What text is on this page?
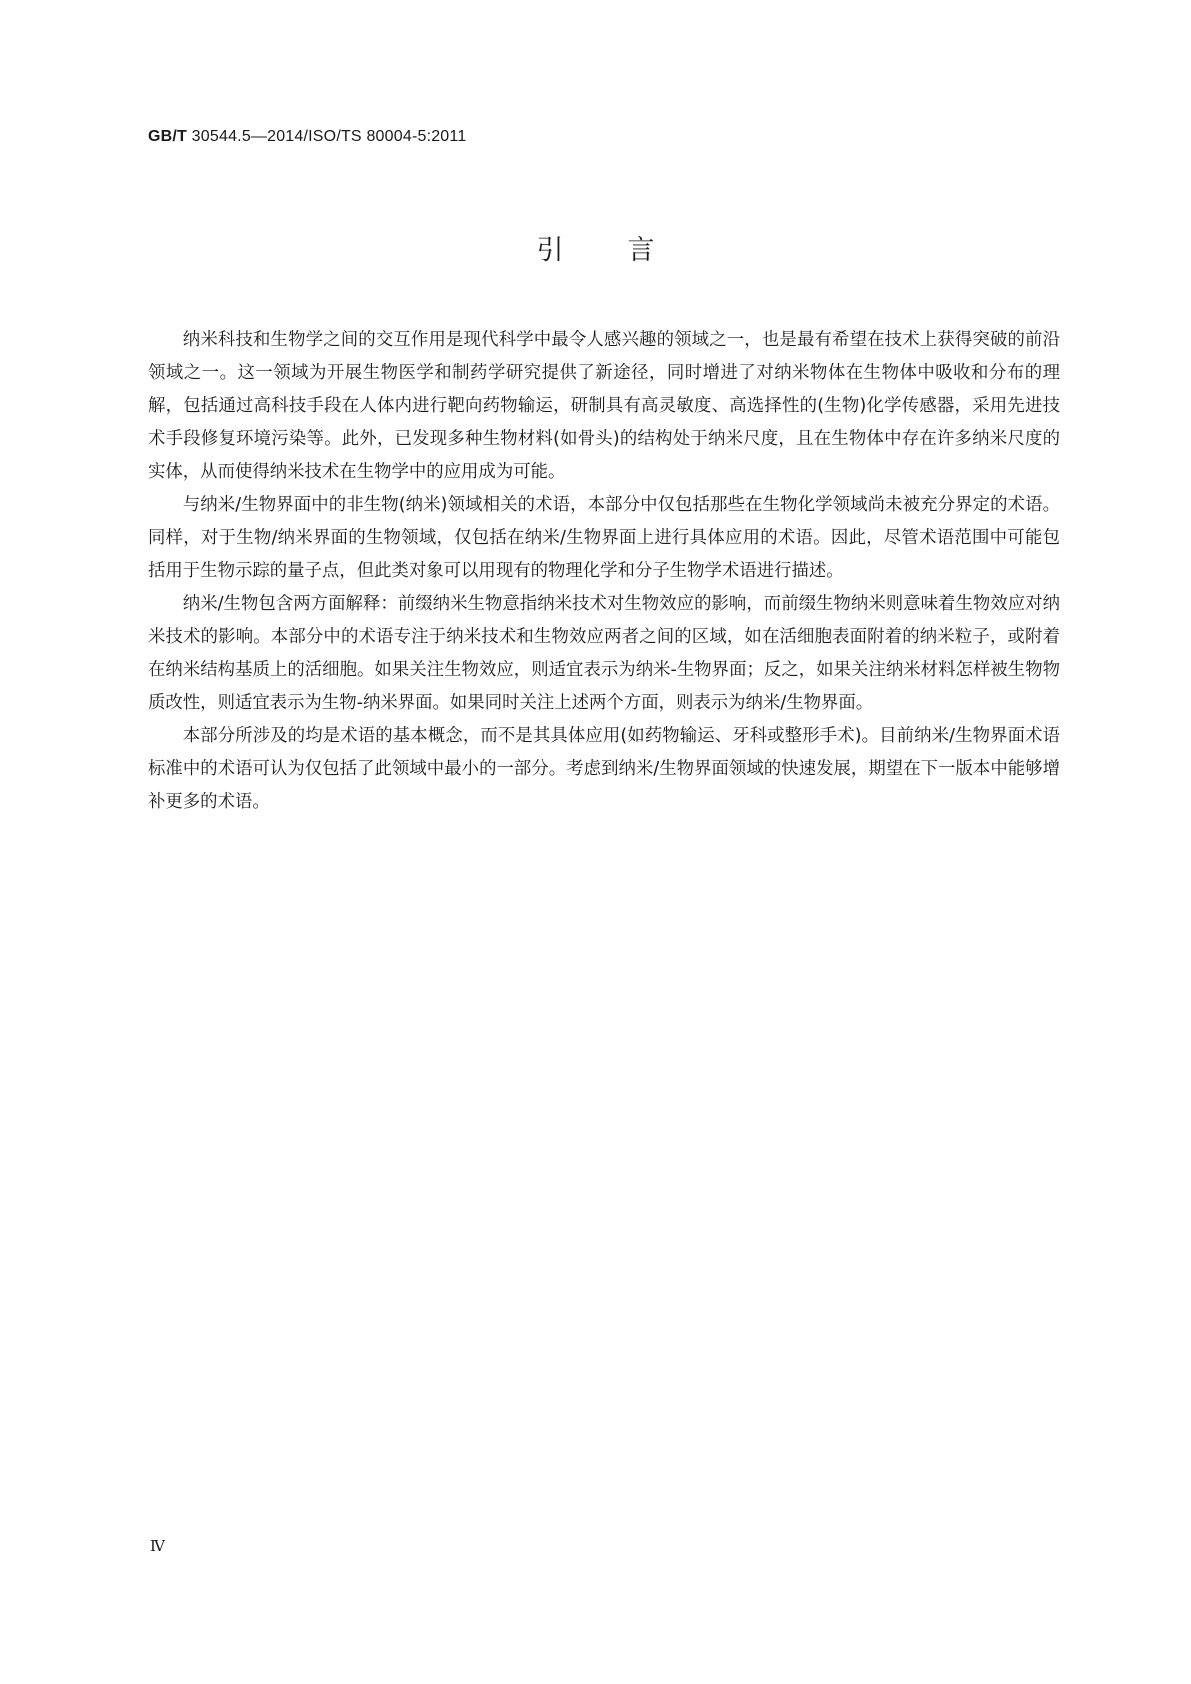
GB/T 30544.5—2014/ISO/TS 80004-5:2011
引言

纳米科技和生物学之间的交互作用是现代科学中最令人感兴趣的领域之一，也是最有希望在技术上获得突破的前沿领域之一。这一领域为开展生物医学和制药学研究提供了新途径，同时增进了对纳米物体在生物体中吸收和分布的理解，包括通过高科技手段在人体内进行靶向药物输运，研制具有高灵敏度、高选择性的(生物)化学传感器，采用先进技术手段修复环境污染等。此外，已发现多种生物材料(如骨头)的结构处于纳米尺度，且在生物体中存在许多纳米尺度的实体，从而使得纳米技术在生物学中的应用成为可能。

与纳米/生物界面中的非生物(纳米)领域相关的术语，本部分中仅包括那些在生物化学领域尚未被充分界定的术语。同样，对于生物/纳米界面的生物领域，仅包括在纳米/生物界面上进行具体应用的术语。因此，尽管术语范围中可能包括用于生物示踪的量子点，但此类对象可以用现有的物理化学和分子生物学术语进行描述。

纳米/生物包含两方面解释：前缀纳米生物意指纳米技术对生物效应的影响，而前缀生物纳米则意味着生物效应对纳米技术的影响。本部分中的术语专注于纳米技术和生物效应两者之间的区域，如在活细胞表面附着的纳米粒子，或附着在纳米结构基质上的活细胞。如果关注生物效应，则适宜表示为纳米-生物界面；反之，如果关注纳米材料怎样被生物物质改性，则适宜表示为生物-纳米界面。如果同时关注上述两个方面，则表示为纳米/生物界面。

本部分所涉及的均是术语的基本概念，而不是其具体应用(如药物输运、牙科或整形手术)。目前纳米/生物界面术语标准中的术语可认为仅包括了此领域中最小的一部分。考虑到纳米/生物界面领域的快速发展，期望在下一版本中能够增补更多的术语。

Ⅳ
